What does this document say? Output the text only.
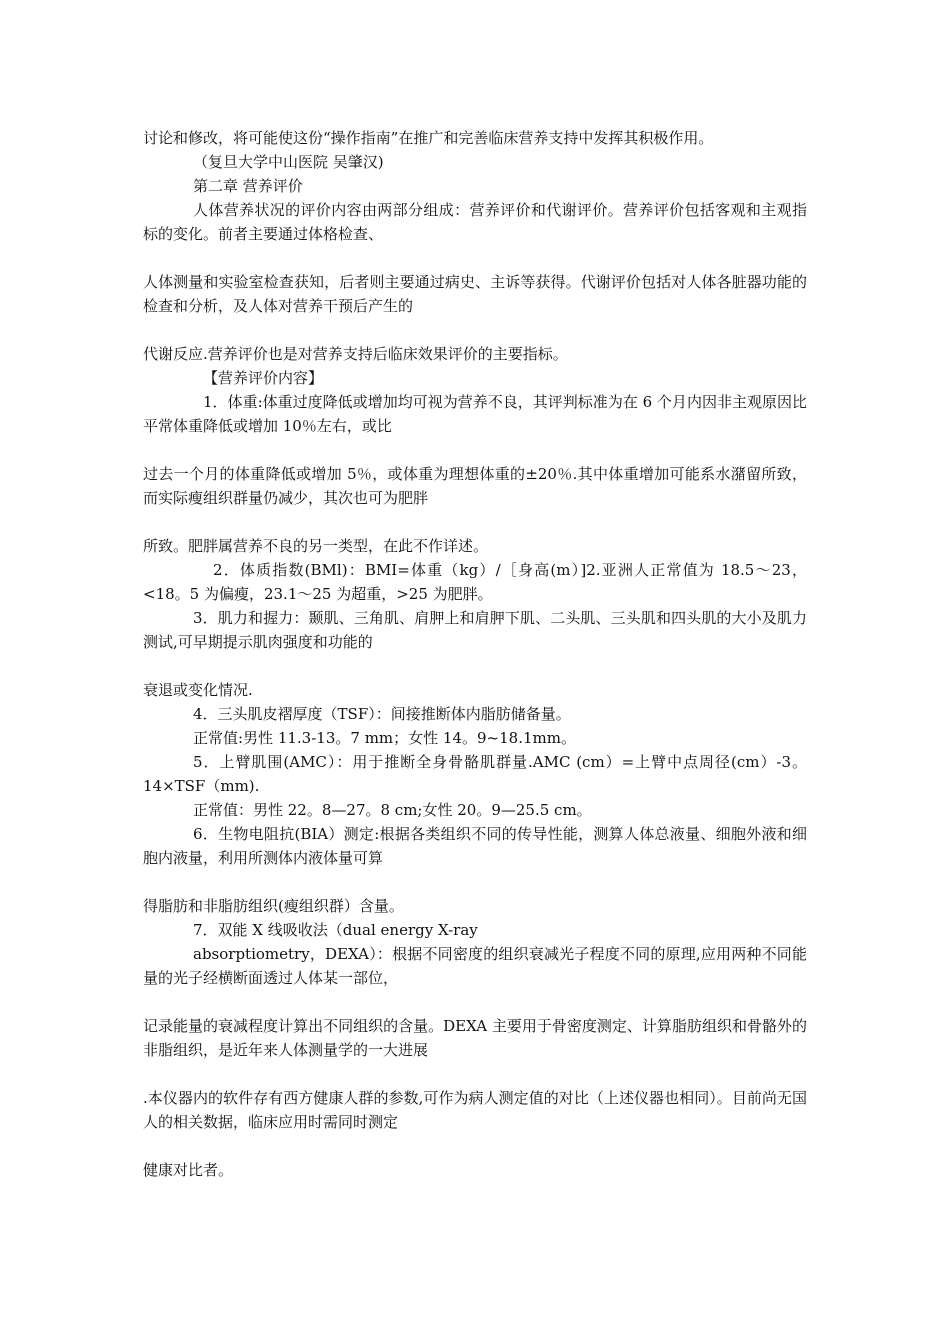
讨论和修改，将可能使这份“操作指南”在推广和完善临床营养支持中发挥其积极作用。

（复旦大学中山医院 吴肇汉)

第二章 营养评价

人体营养状况的评价内容由两部分组成：营养评价和代谢评价。营养评价包括客观和主观指标的变化。前者主要通过体格检查、

人体测量和实验室检查获知，后者则主要通过病史、主诉等获得。代谢评价包括对人体各脏器功能的检查和分析，及人体对营养干预后产生的

代谢反应.营养评价也是对营养支持后临床效果评价的主要指标。

【营养评价内容】

1．体重:体重过度降低或增加均可视为营养不良，其评判标准为在 6 个月内因非主观原因比平常体重降低或增加 10％左右，或比

过去一个月的体重降低或增加 5％，或体重为理想体重的±20％.其中体重增加可能系水潴留所致，而实际瘦组织群量仍减少，其次也可为肥胖

所致。肥胖属营养不良的另一类型，在此不作详述。

2．体质指数(BMl)：BMI=体重（kg）/［身高(m）]2.亚洲人正常值为 18.5～23，<18。5 为偏瘦，23.1～25 为超重，>25 为肥胖。

3．肌力和握力：颞肌、三角肌、肩胛上和肩胛下肌、二头肌、三头肌和四头肌的大小及肌力测试,可早期提示肌肉强度和功能的

衰退或变化情况.

4．三头肌皮褶厚度（TSF）：间接推断体内脂肪储备量。

正常值:男性 11.3-13。7 mm；女性 14。9~18.1mm。

5．上臂肌围(AMC）：用于推断全身骨骼肌群量.AMC (cm）=上臂中点周径(cm）-3。14×TSF（mm).

正常值：男性 22。8—27。8 cm;女性 20。9—25.5 cm。

6．生物电阻抗(BIA）测定:根据各类组织不同的传导性能，测算人体总液量、细胞外液和细胞内液量，利用所测体内液体量可算

得脂肪和非脂肪组织(瘦组织群）含量。

7．双能 X 线吸收法（dual energy X-ray

absorptiometry，DEXA）：根据不同密度的组织衰减光子程度不同的原理,应用两种不同能量的光子经横断面透过人体某一部位，

记录能量的衰减程度计算出不同组织的含量。DEXA 主要用于骨密度测定、计算脂肪组织和骨骼外的非脂组织，是近年来人体测量学的一大进展

.本仪器内的软件存有西方健康人群的参数,可作为病人测定值的对比（上述仪器也相同）。目前尚无国人的相关数据，临床应用时需同时测定

健康对比者。
